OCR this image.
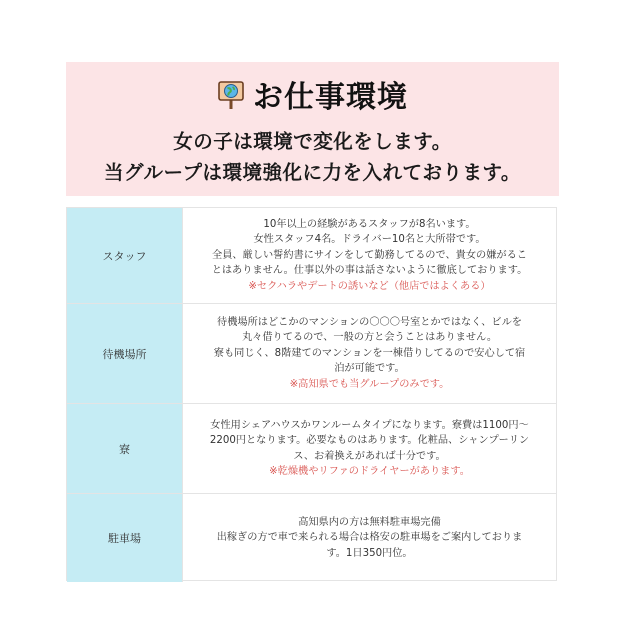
お仕事環境
女の子は環境で変化をします。
当グループは環境強化に力を入れております。
スタッフ
10年以上の経験があるスタッフが8名います。
女性スタッフ4名。ドライバー10名と大所帯です。
全員、厳しい誓約書にサインをして勤務してるので、貴女の嫌がるこ
とはありません。仕事以外の事は話さないように徹底しております。
※セクハラやデートの誘いなど（他店ではよくある）
待機場所
待機場所はどこかのマンションの〇〇〇号室とかではなく、ビルを
丸々借りてるので、一般の方と会うことはありません。
寮も同じく、8階建てのマンションを一棟借りしてるので安心して宿
泊が可能です。
※高知県でも当グループのみです。
寮
女性用シェアハウスかワンルームタイプになります。寮費は1100円～
2200円となります。必要なものはあります。化粧品、シャンプーリン
ス、お着換えがあれば十分です。
※乾燥機やリファのドライヤーがあります。
駐車場
高知県内の方は無料駐車場完備
出稼ぎの方で車で来られる場合は格安の駐車場をご案内しておりま
す。1日350円位。
